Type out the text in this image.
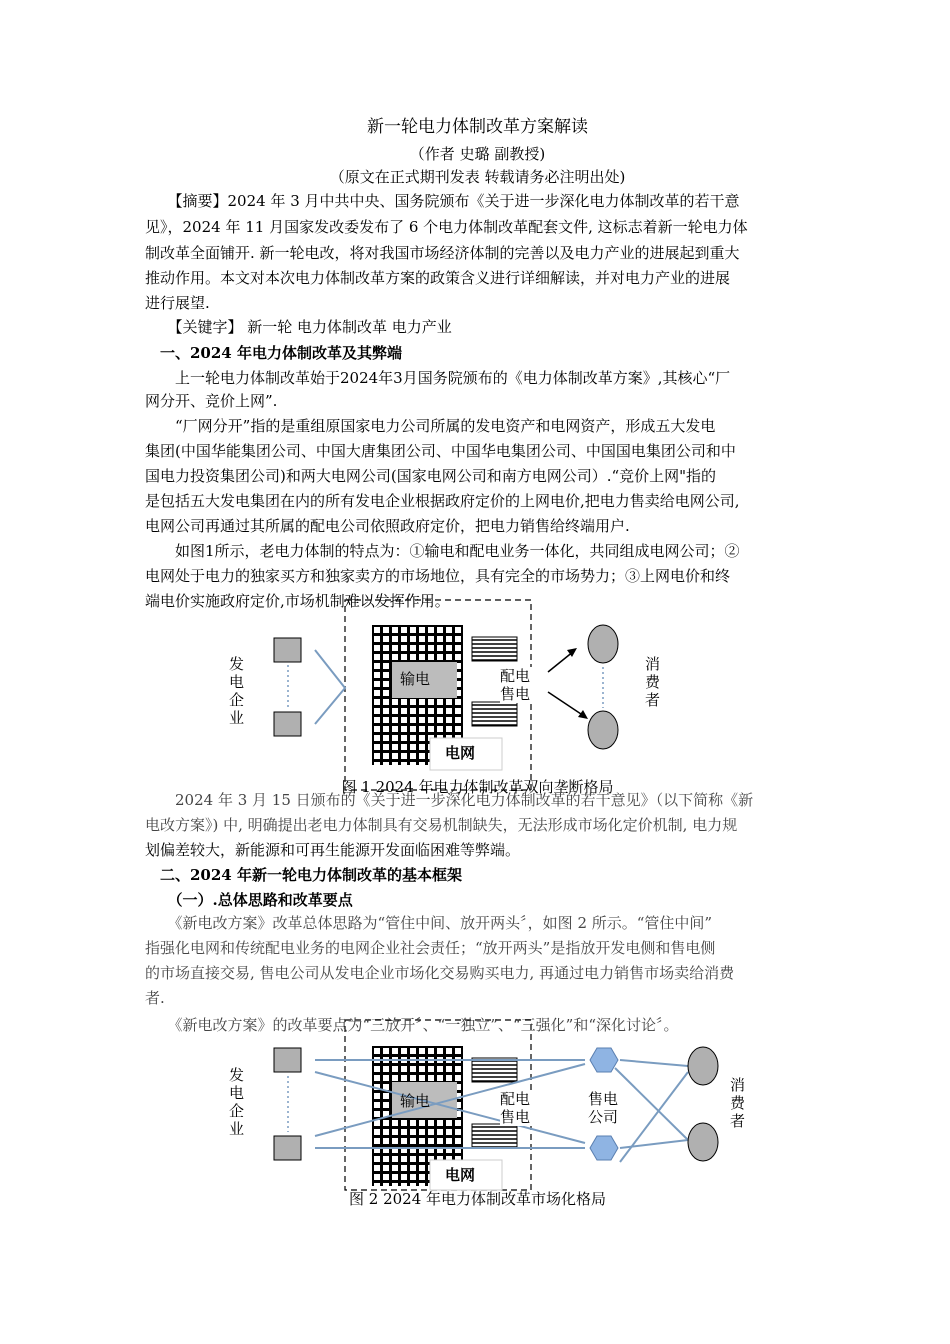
新一轮电力体制改革方案解读
（作者 史璐 副教授)
（原文在正式期刊发表 转载请务必注明出处)
　　【摘要】2024 年 3 月中共中央、国务院颁布《关于进一步深化电力体制改革的若干意
见》，2024 年 11 月国家发改委发布了 6 个电力体制改革配套文件, 这标志着新一轮电力体
制改革全面铺开. 新一轮电改，将对我国市场经济体制的完善以及电力产业的进展起到重大
推动作用。本文对本次电力体制改革方案的政策含义进行详细解读，并对电力产业的进展
进行展望.
　　【关键字】 新一轮 电力体制改革 电力产业
　一、2024 年电力体制改革及其弊端
　　上一轮电力体制改革始于2024年3月国务院颁布的《电力体制改革方案》,其核心“厂
网分开、竞价上网”.
　　“厂网分开”指的是重组原国家电力公司所属的发电资产和电网资产，形成五大发电
集团(中国华能集团公司、中国大唐集团公司、中国华电集团公司、中国国电集团公司和中
国电力投资集团公司)和两大电网公司(国家电网公司和南方电网公司）.“竞价上网"指的
是包括五大发电集团在内的所有发电企业根据政府定价的上网电价,把电力售卖给电网公司,
电网公司再通过其所属的配电公司依照政府定价，把电力销售给终端用户.
　　如图1所示，老电力体制的特点为：①输电和配电业务一体化，共同组成电网公司；②
电网处于电力的独家买方和独家卖方的市场地位，具有完全的市场势力；③上网电价和终
端电价实施政府定价,市场机制难以发挥作用。
发电企业
输电	配电售电
电网
消费者
图 1 2024 年电力体制改革双向垄断格局
　　2024 年 3 月 15 日颁布的《关于进一步深化电力体制改革的若干意见》（以下简称《新
电改方案》) 中, 明确提出老电力体制具有交易机制缺失，无法形成市场化定价机制, 电力规
划偏差较大，新能源和可再生能源开发面临困难等弊端。
　二、2024 年新一轮电力体制改革的基本框架
　　（一）.总体思路和改革要点
　　《新电改方案》改革总体思路为“管住中间、放开两头〞，如图 2 所示。“管住中间”
指强化电网和传统配电业务的电网企业社会责任；“放开两头”是指放开发电侧和售电侧
的市场直接交易, 售电公司从发电企业市场化交易购买电力, 再通过电力销售市场卖给消费
者.
　　《新电改方案》的改革要点为“三放开〞、“一独立”、“三强化”和“深化讨论〞。
发电企业
输电	配电售电
售电公司
电网
消费者
图 2 2024 年电力体制改革市场化格局
